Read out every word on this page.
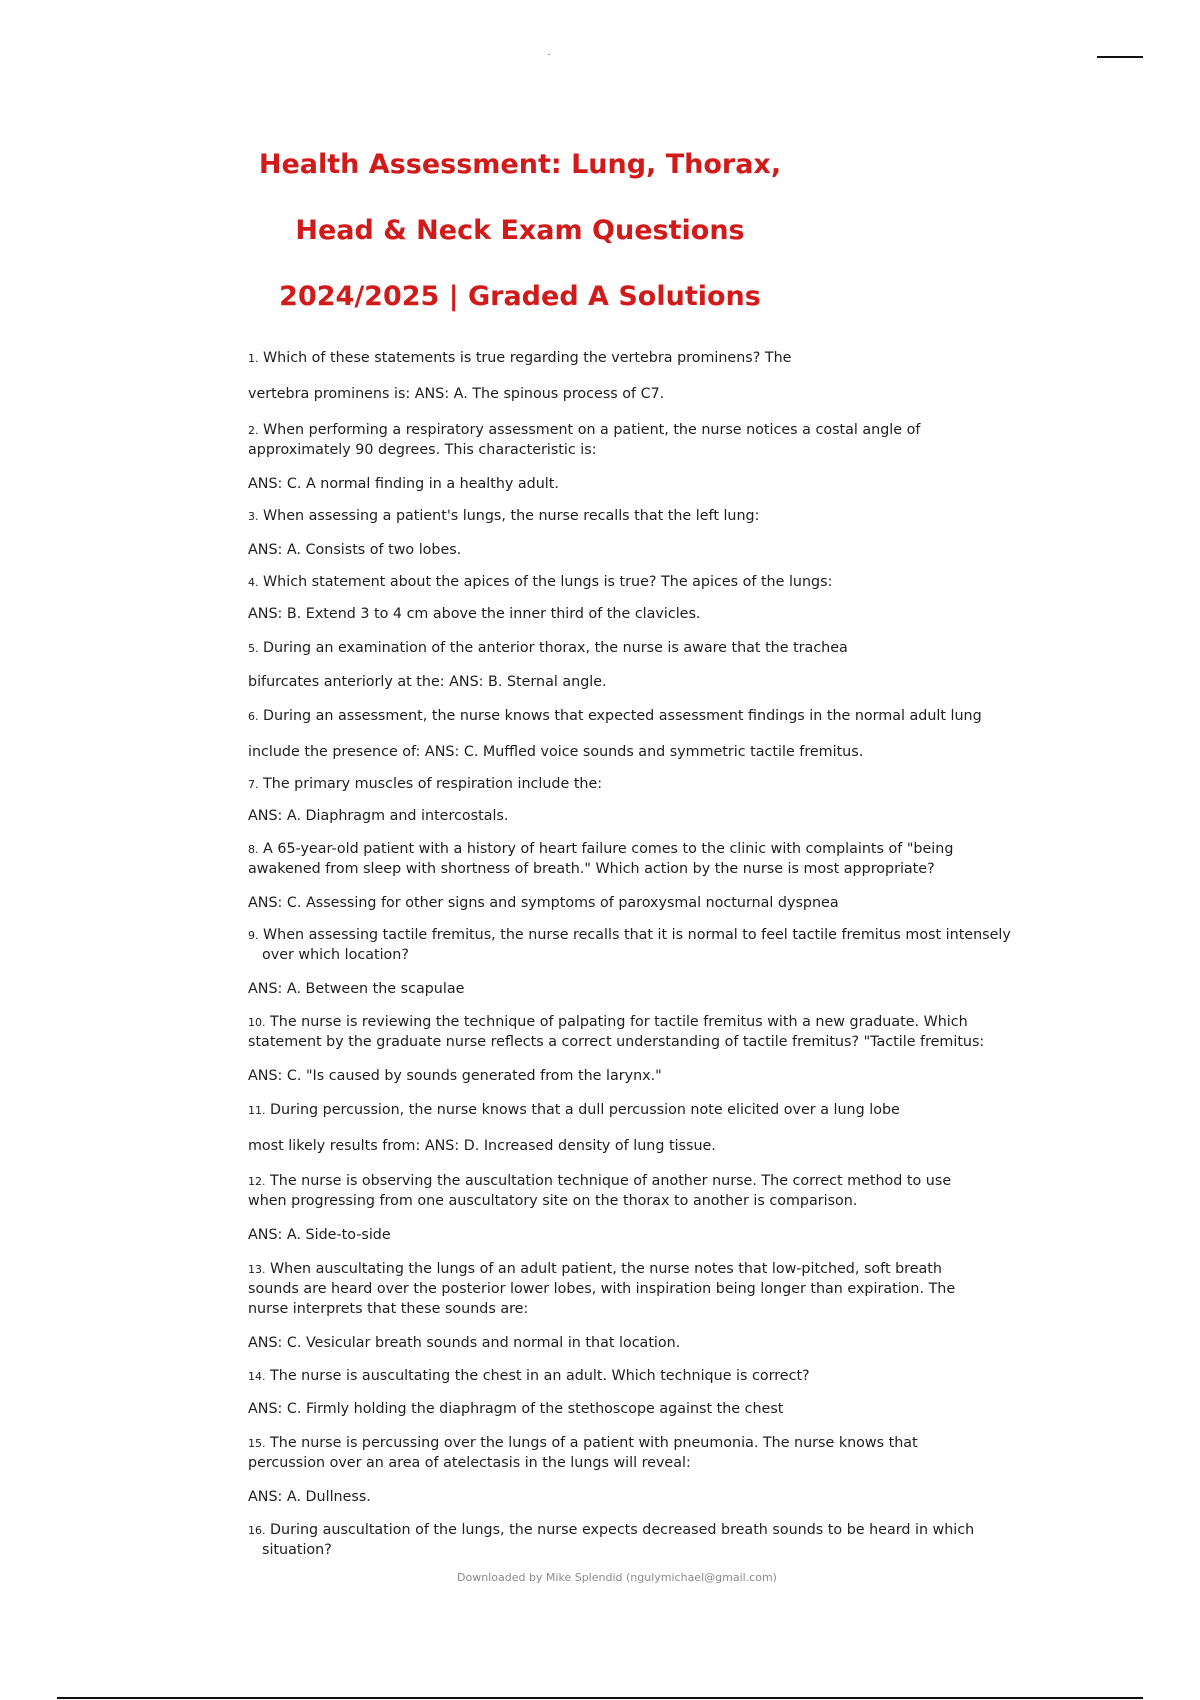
Health Assessment: Lung, Thorax,
Head & Neck Exam Questions
2024/2025 | Graded A Solutions
1. Which of these statements is true regarding the vertebra prominens? The
vertebra prominens is: ANS: A. The spinous process of C7.
2. When performing a respiratory assessment on a patient, the nurse notices a costal angle of
approximately 90 degrees. This characteristic is:
ANS: C. A normal finding in a healthy adult.
3. When assessing a patient's lungs, the nurse recalls that the left lung:
ANS: A. Consists of two lobes.
4. Which statement about the apices of the lungs is true? The apices of the lungs:
ANS: B. Extend 3 to 4 cm above the inner third of the clavicles.
5. During an examination of the anterior thorax, the nurse is aware that the trachea
bifurcates anteriorly at the: ANS: B. Sternal angle.
6. During an assessment, the nurse knows that expected assessment findings in the normal adult lung
include the presence of: ANS: C. Muffled voice sounds and symmetric tactile fremitus.
7. The primary muscles of respiration include the:
ANS: A. Diaphragm and intercostals.
8. A 65-year-old patient with a history of heart failure comes to the clinic with complaints of "being
awakened from sleep with shortness of breath." Which action by the nurse is most appropriate?
ANS: C. Assessing for other signs and symptoms of paroxysmal nocturnal dyspnea
9. When assessing tactile fremitus, the nurse recalls that it is normal to feel tactile fremitus most intensely
over which location?
ANS: A. Between the scapulae
10. The nurse is reviewing the technique of palpating for tactile fremitus with a new graduate. Which
statement by the graduate nurse reflects a correct understanding of tactile fremitus? "Tactile fremitus:
ANS: C. "Is caused by sounds generated from the larynx."
11. During percussion, the nurse knows that a dull percussion note elicited over a lung lobe
most likely results from: ANS: D. Increased density of lung tissue.
12. The nurse is observing the auscultation technique of another nurse. The correct method to use
when progressing from one auscultatory site on the thorax to another is comparison.
ANS: A. Side-to-side
13. When auscultating the lungs of an adult patient, the nurse notes that low-pitched, soft breath
sounds are heard over the posterior lower lobes, with inspiration being longer than expiration. The
nurse interprets that these sounds are:
ANS: C. Vesicular breath sounds and normal in that location.
14. The nurse is auscultating the chest in an adult. Which technique is correct?
ANS: C. Firmly holding the diaphragm of the stethoscope against the chest
15. The nurse is percussing over the lungs of a patient with pneumonia. The nurse knows that
percussion over an area of atelectasis in the lungs will reveal:
ANS: A. Dullness.
16. During auscultation of the lungs, the nurse expects decreased breath sounds to be heard in which
situation?
Downloaded by Mike Splendid (ngulymichael@gmail.com)
